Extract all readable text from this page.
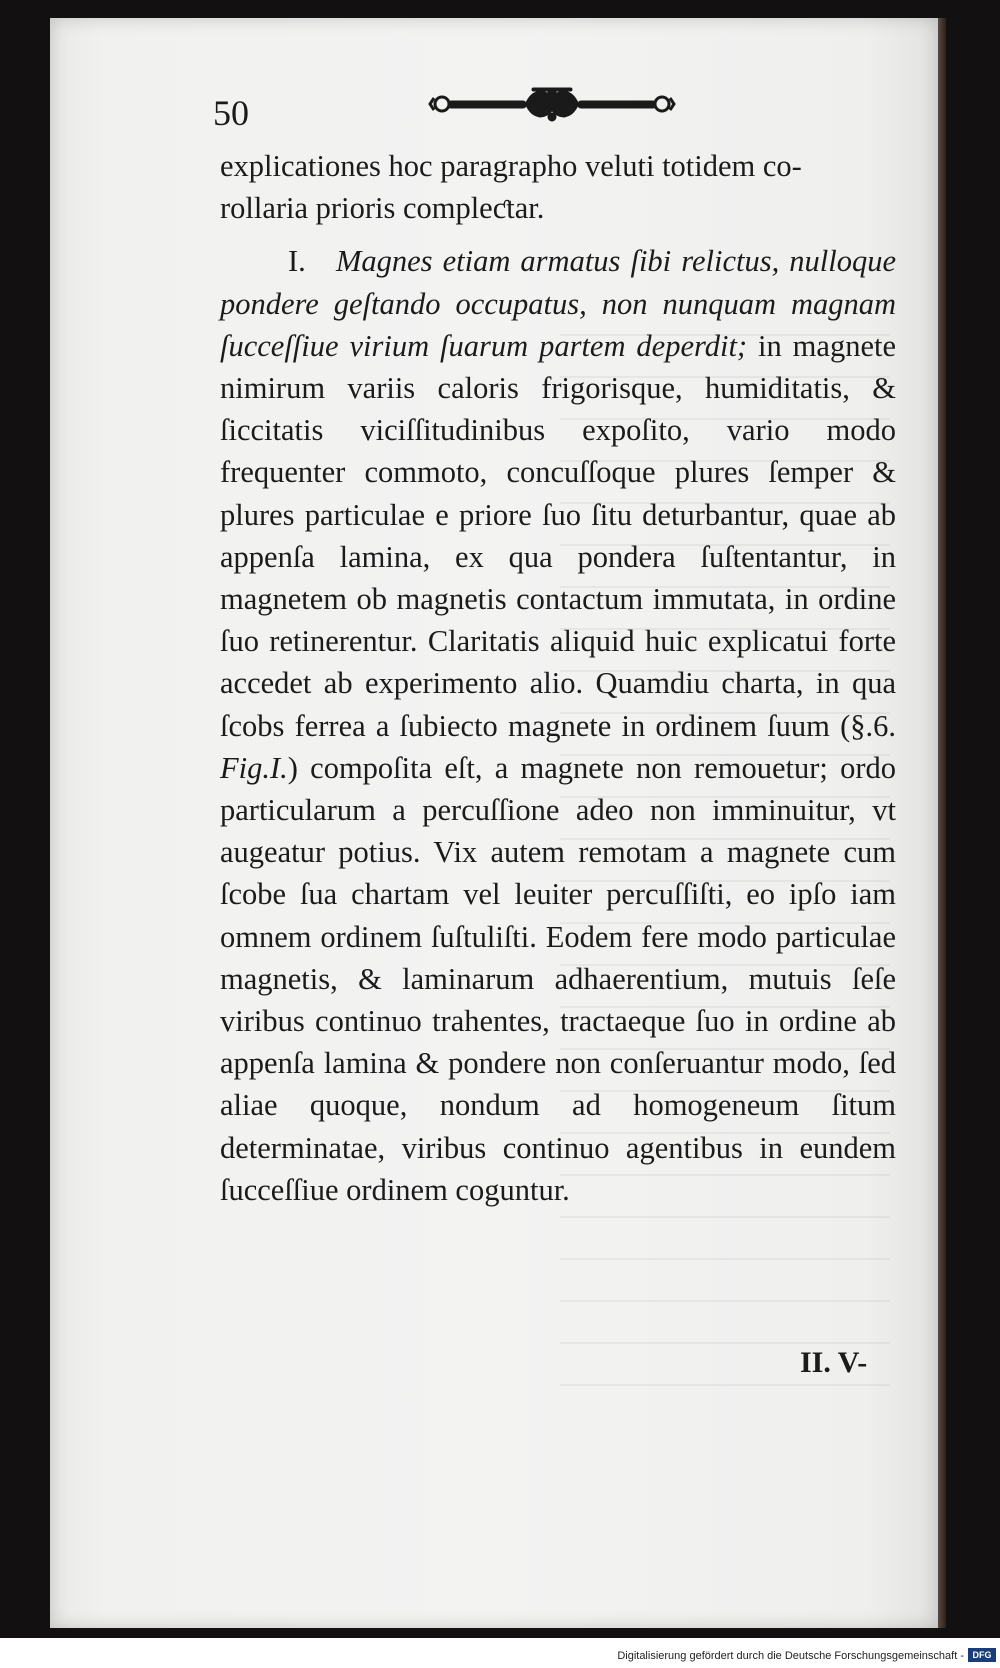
50

explicationes hoc paragrapho veluti totidem co-

rollaria prioris compleƈtar.

I. Magnes etiam armatus ſibi relictus, nulloque pondere geſtando occupatus, non nunquam magnam ſucceſſiue virium ſuarum partem deperdit; in magnete nimirum variis caloris frigorisque, humiditatis, & ſiccitatis viciſſitudinibus expoſito, vario modo frequenter commoto, concuſſoque plures ſemper & plures particulae e priore ſuo ſitu deturbantur, quae ab appenſa lamina, ex qua pondera ſuſtentantur, in magnetem ob magnetis contactum immutata, in ordine ſuo retinerentur. Claritatis aliquid huic explicatui forte accedet ab experimento alio. Quamdiu charta, in qua ſcobs ferrea a ſubiecto magnete in ordinem ſuum (§.6. Fig.I.) compoſita eſt, a magnete non remouetur; ordo particularum a percuſſione adeo non imminuitur, vt augeatur potius. Vix autem remotam a magnete cum ſcobe ſua chartam vel leuiter percuſſiſti, eo ipſo iam omnem ordinem ſuſtuliſti. Eodem fere modo particulae magnetis, & laminarum adhaerentium, mutuis ſeſe viribus continuo trahentes, tractaeque ſuo in ordine ab appenſa lamina & pondere non conſeruantur modo, ſed aliae quoque, nondum ad homogeneum ſitum determinatae, viribus continuo agentibus in eundem ſucceſſiue ordinem coguntur.

II. V-
Digitalisierung gefördert durch die Deutsche Forschungsgemeinschaft - DFG
